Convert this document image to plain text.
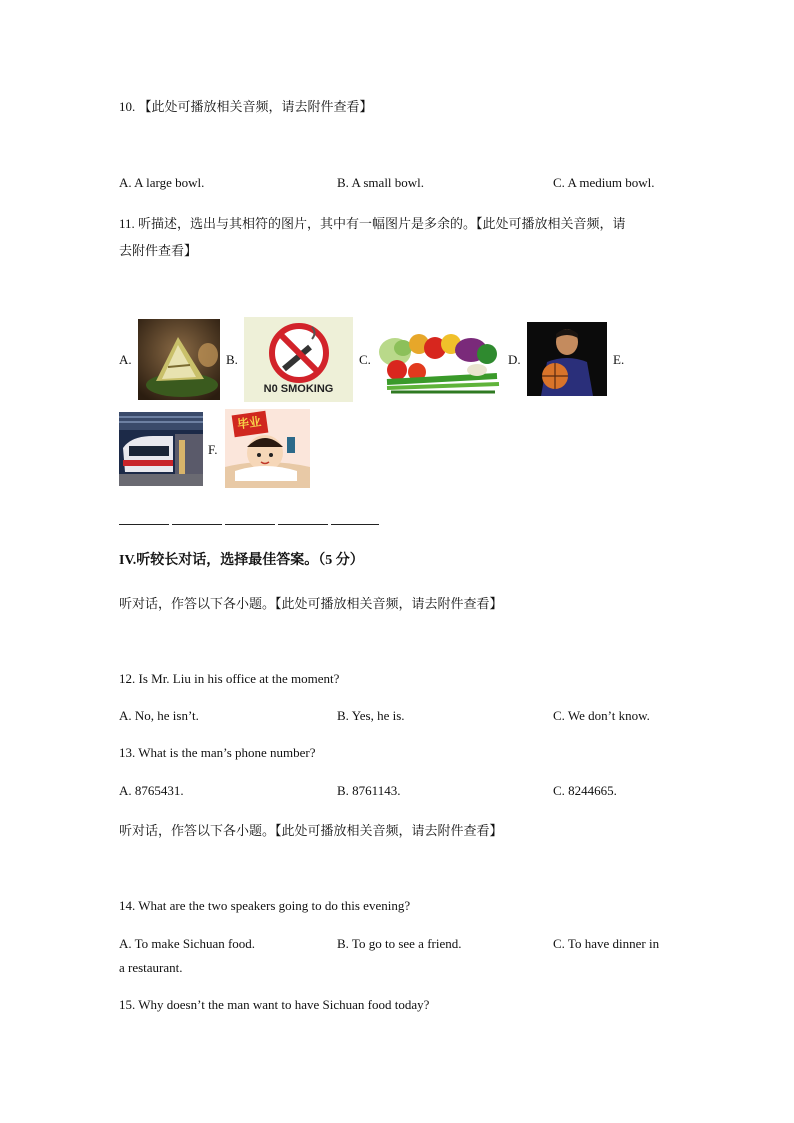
10. 【此处可播放相关音频，请去附件查看】
A. A large bowl.	B. A small bowl.	C. A medium bowl.
11. 听描述，选出与其相符的图片，其中有一幅图片是多余的。【此处可播放相关音频，请
去附件查看】
A.	B.
N0 SMOKING
C.	D.	E.
F.
毕业
IV.听较长对话，选择最佳答案。（5 分）
听对话，作答以下各小题。【此处可播放相关音频，请去附件查看】
12. Is Mr. Liu in his office at the moment?
A. No, he isn’t.	B. Yes, he is.	C. We don’t know.
13. What is the man’s phone number?
A. 8765431.	B. 8761143.	C. 8244665.
听对话，作答以下各小题。【此处可播放相关音频，请去附件查看】
14. What are the two speakers going to do this evening?
A. To make Sichuan food.	B. To go to see a friend.	C. To have dinner in
a restaurant.
15. Why doesn’t the man want to have Sichuan food today?
